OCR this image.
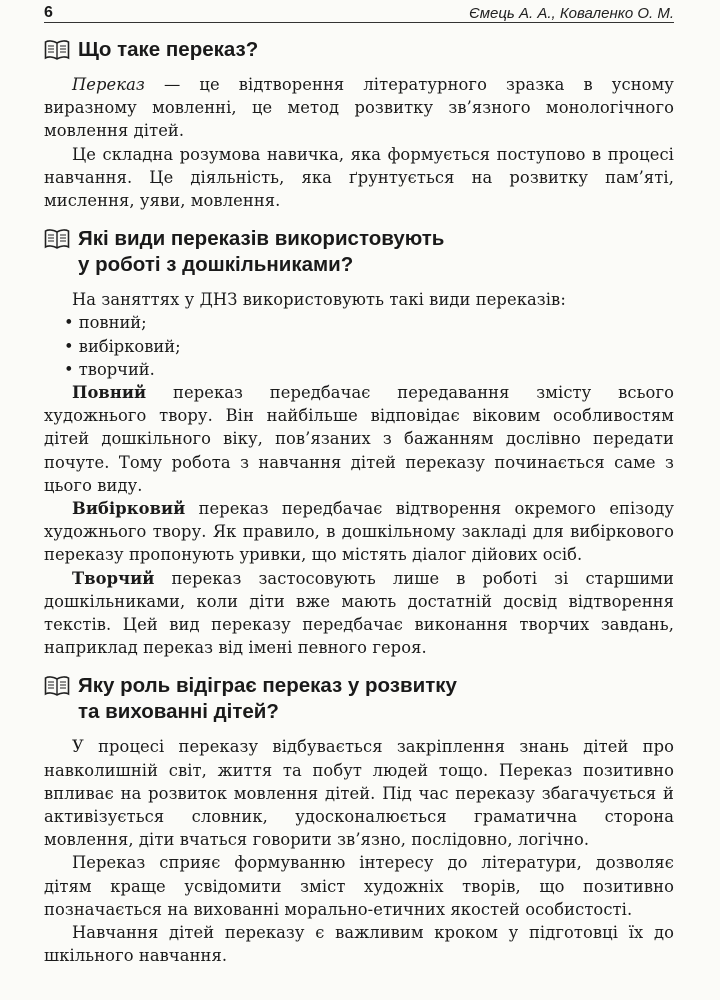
6	Ємець А. А., Коваленко О. М.
Що таке переказ?

Переказ — це відтворення літературного зразка в усному виразному мовленні, це метод розвитку зв’язного монологічного мовлення дітей.

Це складна розумова навичка, яка формується поступово в процесі навчання. Це діяльність, яка ґрунтується на розвитку пам’яті, мислення, уяви, мовлення.

Які види переказів використовують
у роботі з дошкільниками?

На заняттях у ДНЗ використовують такі види переказів:

• повний;
• вибірковий;
• творчий.

Повний переказ передбачає передавання змісту всього художнього твору. Він найбільше відповідає віковим особливостям дітей дошкільного віку, пов’язаних з бажанням дослівно передати почуте. Тому робота з навчання дітей переказу починається саме з цього виду.

Вибірковий переказ передбачає відтворення окремого епізоду художнього твору. Як правило, в дошкільному закладі для вибіркового переказу пропонують уривки, що містять діалог дійових осіб.

Творчий переказ застосовують лише в роботі зі старшими дошкільниками, коли діти вже мають достатній досвід відтворення текстів. Цей вид переказу передбачає виконання творчих завдань, наприклад переказ від імені певного героя.

Яку роль відіграє переказ у розвитку
та вихованні дітей?

У процесі переказу відбувається закріплення знань дітей про навколишній світ, життя та побут людей тощо. Переказ позитивно впливає на розвиток мовлення дітей. Під час переказу збагачується й активізується словник, удосконалюється граматична сторона мовлення, діти вчаться говорити зв’язно, послідовно, логічно.

Переказ сприяє формуванню інтересу до літератури, дозволяє дітям краще усвідомити зміст художніх творів, що позитивно позначається на вихованні морально-етичних якостей особистості.

Навчання дітей переказу є важливим кроком у підготовці їх до шкільного навчання.
